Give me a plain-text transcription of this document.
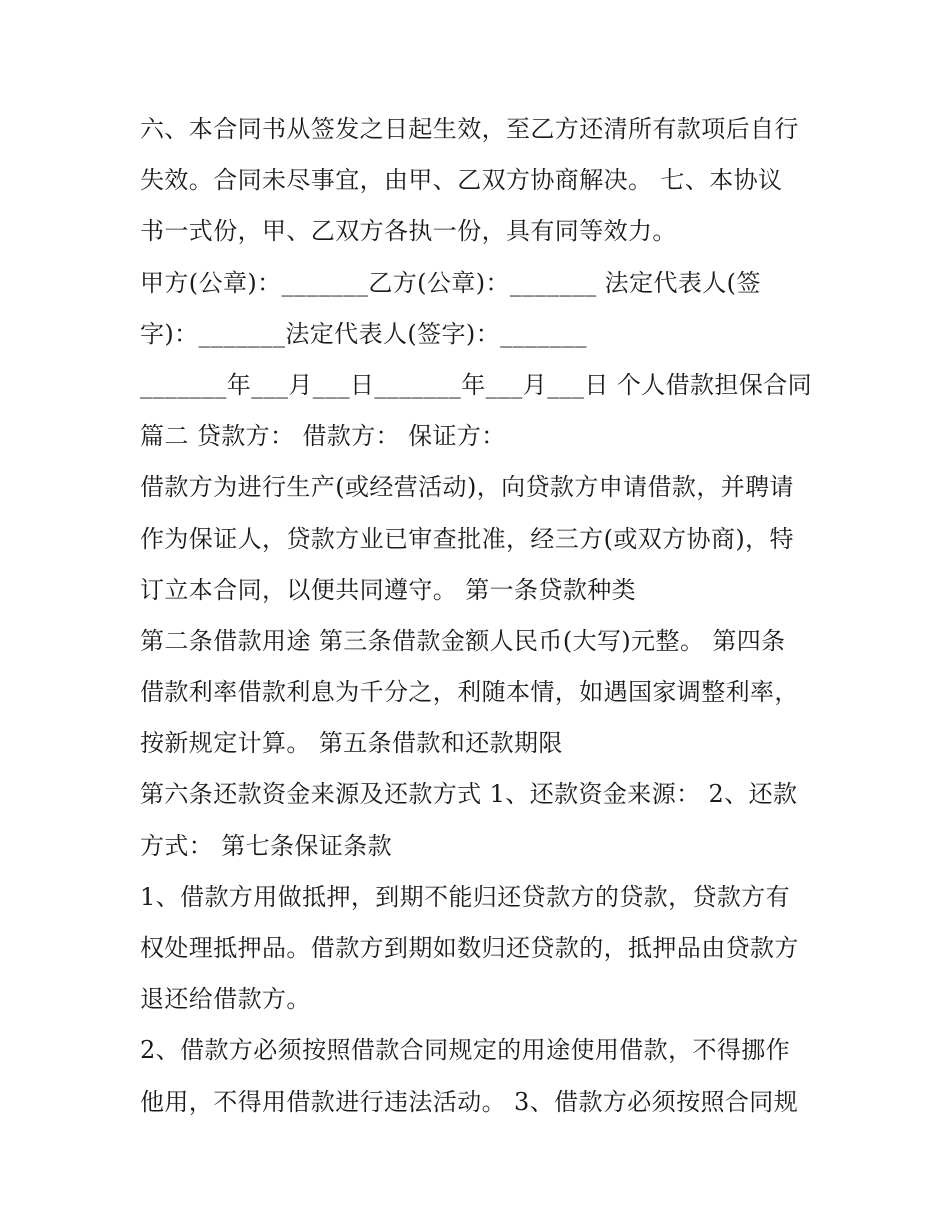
六、本合同书从签发之日起生效，至乙方还清所有款项后自行
失效。合同未尽事宜，由甲、乙双方协商解决。 七、本协议
书一式份，甲、乙双方各执一份，具有同等效力。
甲方(公章)：_______乙方(公章)：_______ 法定代表人(签
字)：_______法定代表人(签字)：_______
_______年___月___日_______年___月___日 个人借款担保合同
篇二 贷款方： 借款方： 保证方：
借款方为进行生产(或经营活动)，向贷款方申请借款，并聘请
作为保证人，贷款方业已审查批准，经三方(或双方协商)，特
订立本合同，以便共同遵守。 第一条贷款种类
第二条借款用途 第三条借款金额人民币(大写)元整。 第四条
借款利率借款利息为千分之，利随本情，如遇国家调整利率，
按新规定计算。 第五条借款和还款期限
第六条还款资金来源及还款方式 1、还款资金来源： 2、还款
方式： 第七条保证条款
1、借款方用做抵押，到期不能归还贷款方的贷款，贷款方有
权处理抵押品。借款方到期如数归还贷款的，抵押品由贷款方
退还给借款方。
2、借款方必须按照借款合同规定的用途使用借款，不得挪作
他用，不得用借款进行违法活动。 3、借款方必须按照合同规
